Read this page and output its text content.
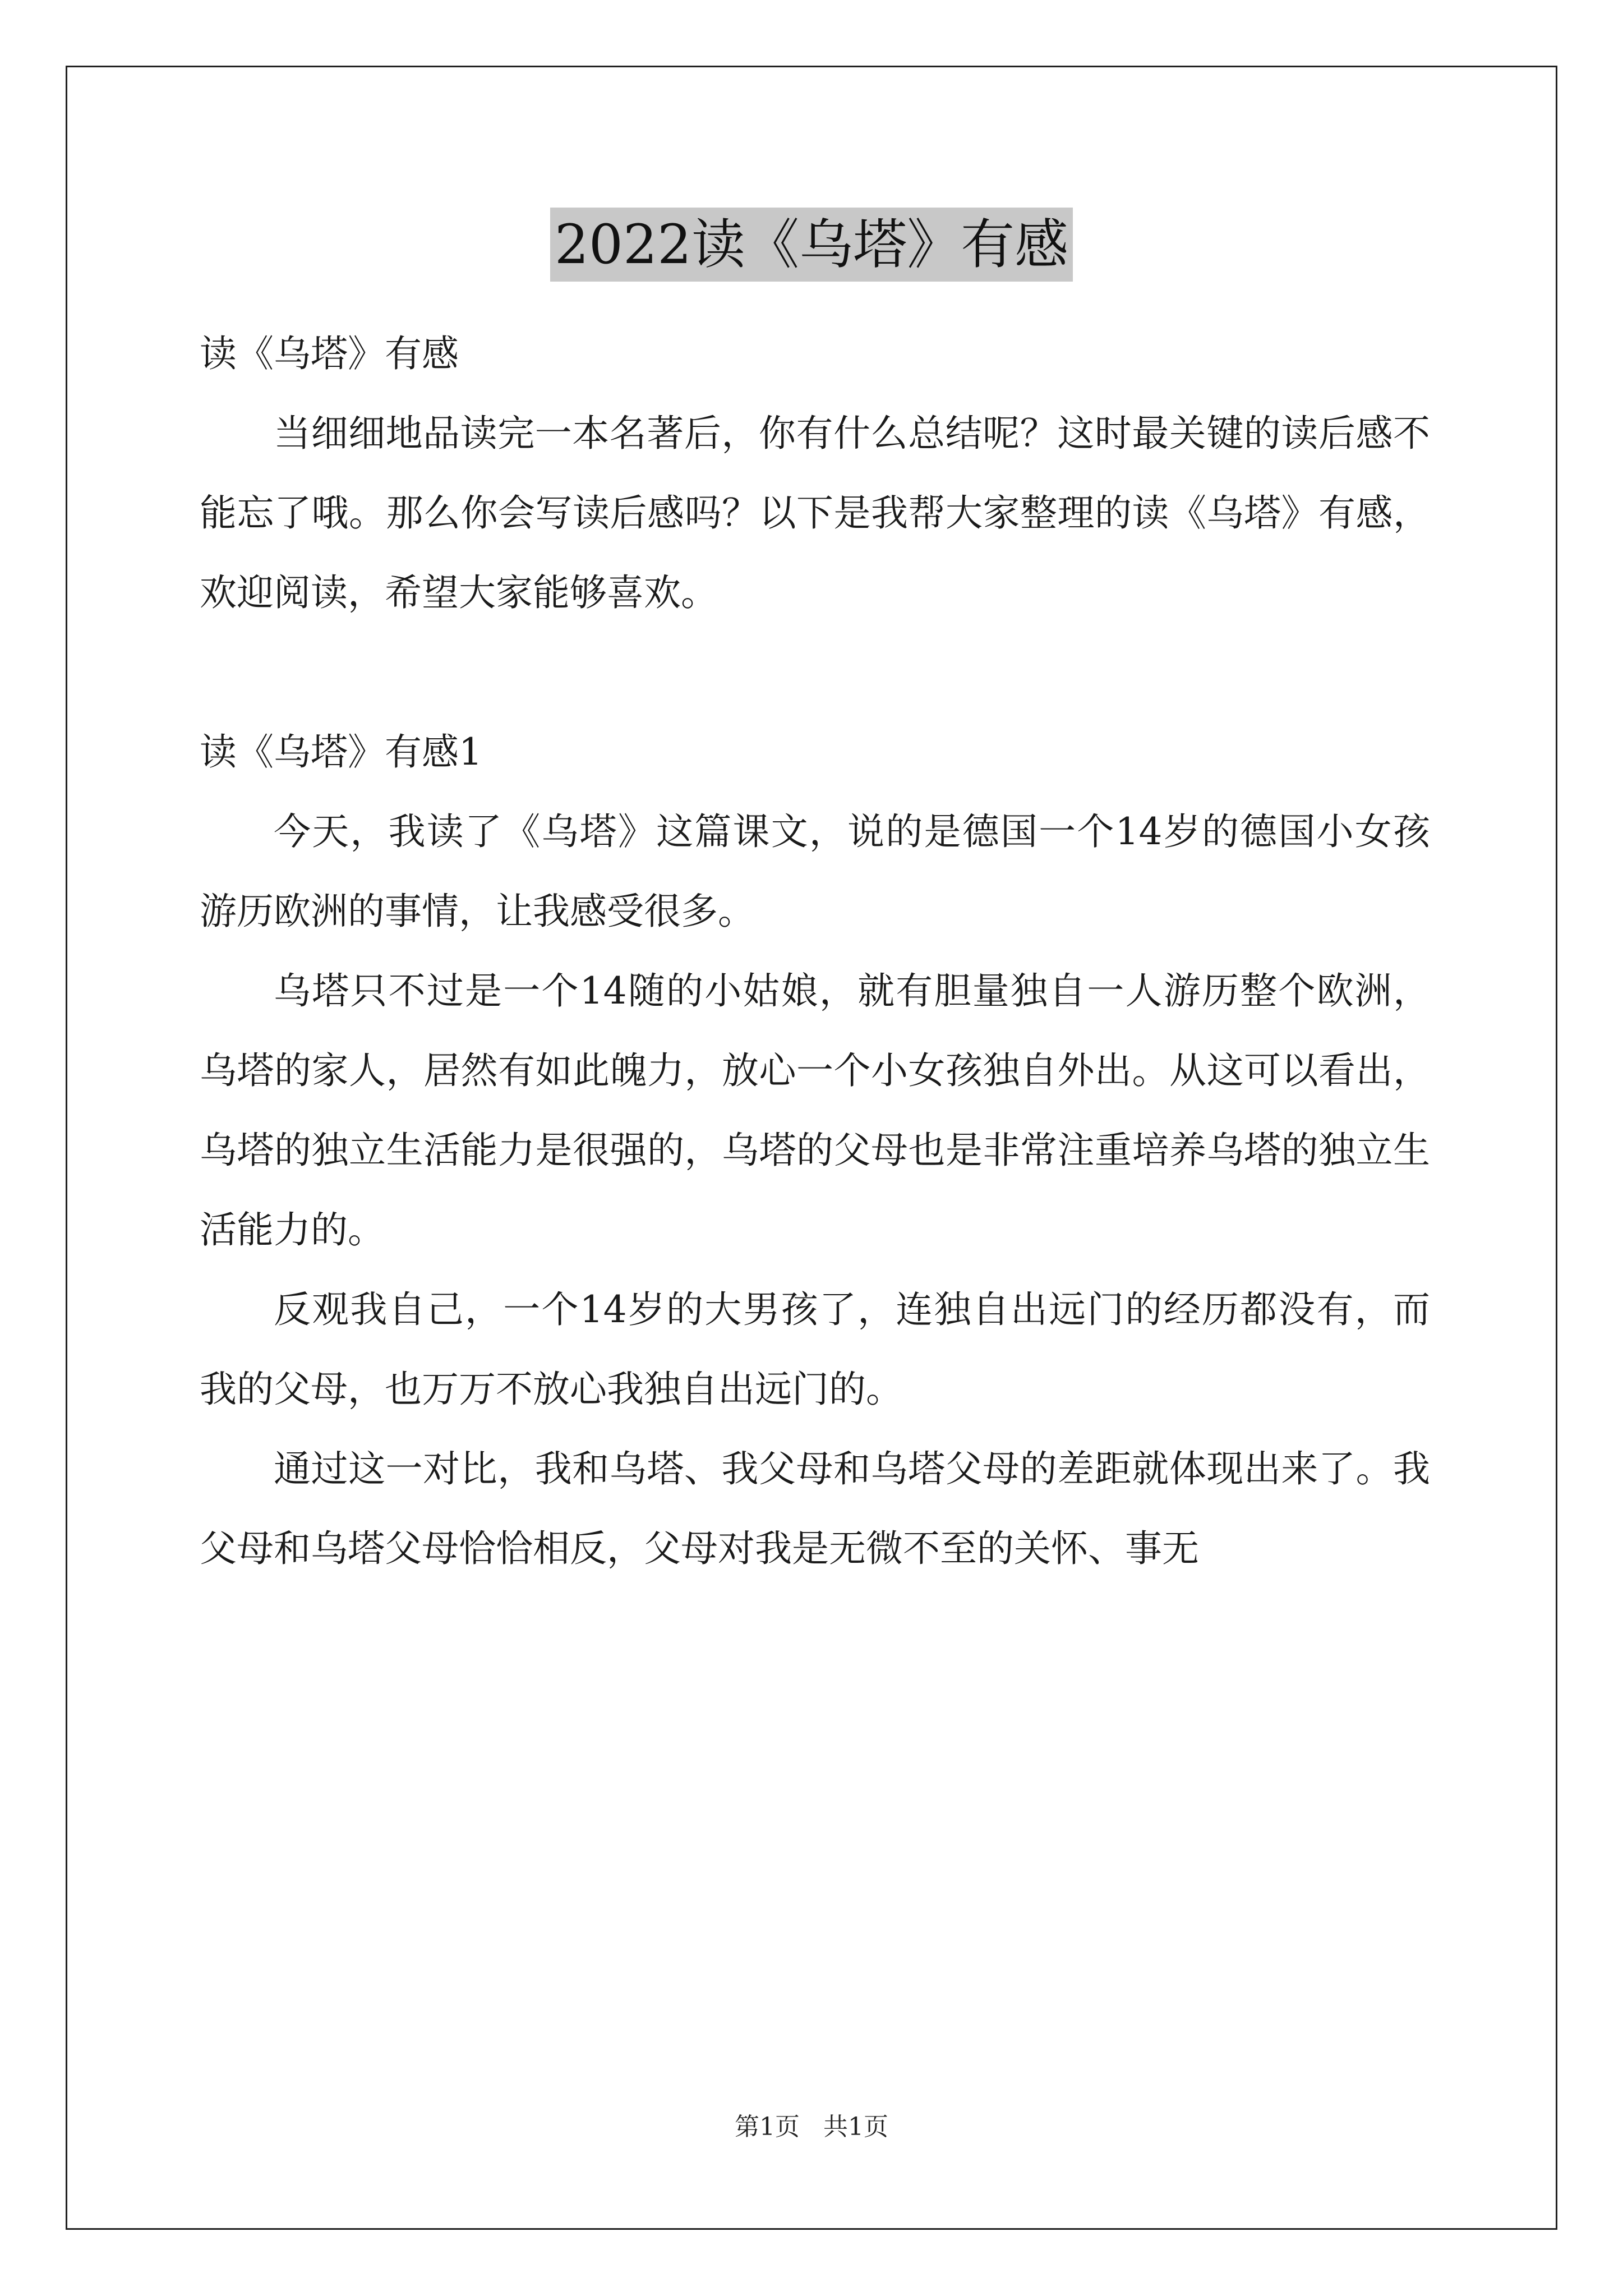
2022读《乌塔》有感

读《乌塔》有感

当细细地品读完一本名著后，你有什么总结呢？这时最关键的读后感不能忘了哦。那么你会写读后感吗？以下是我帮大家整理的读《乌塔》有感，欢迎阅读，希望大家能够喜欢。

读《乌塔》有感1

今天，我读了《乌塔》这篇课文，说的是德国一个14岁的德国小女孩游历欧洲的事情，让我感受很多。

乌塔只不过是一个14随的小姑娘，就有胆量独自一人游历整个欧洲，乌塔的家人，居然有如此魄力，放心一个小女孩独自外出。从这可以看出，乌塔的独立生活能力是很强的，乌塔的父母也是非常注重培养乌塔的独立生活能力的。

反观我自己，一个14岁的大男孩了，连独自出远门的经历都没有，而我的父母，也万万不放心我独自出远门的。

通过这一对比，我和乌塔、我父母和乌塔父母的差距就体现出来了。我父母和乌塔父母恰恰相反，父母对我是无微不至的关怀、事无

第1页 共1页
